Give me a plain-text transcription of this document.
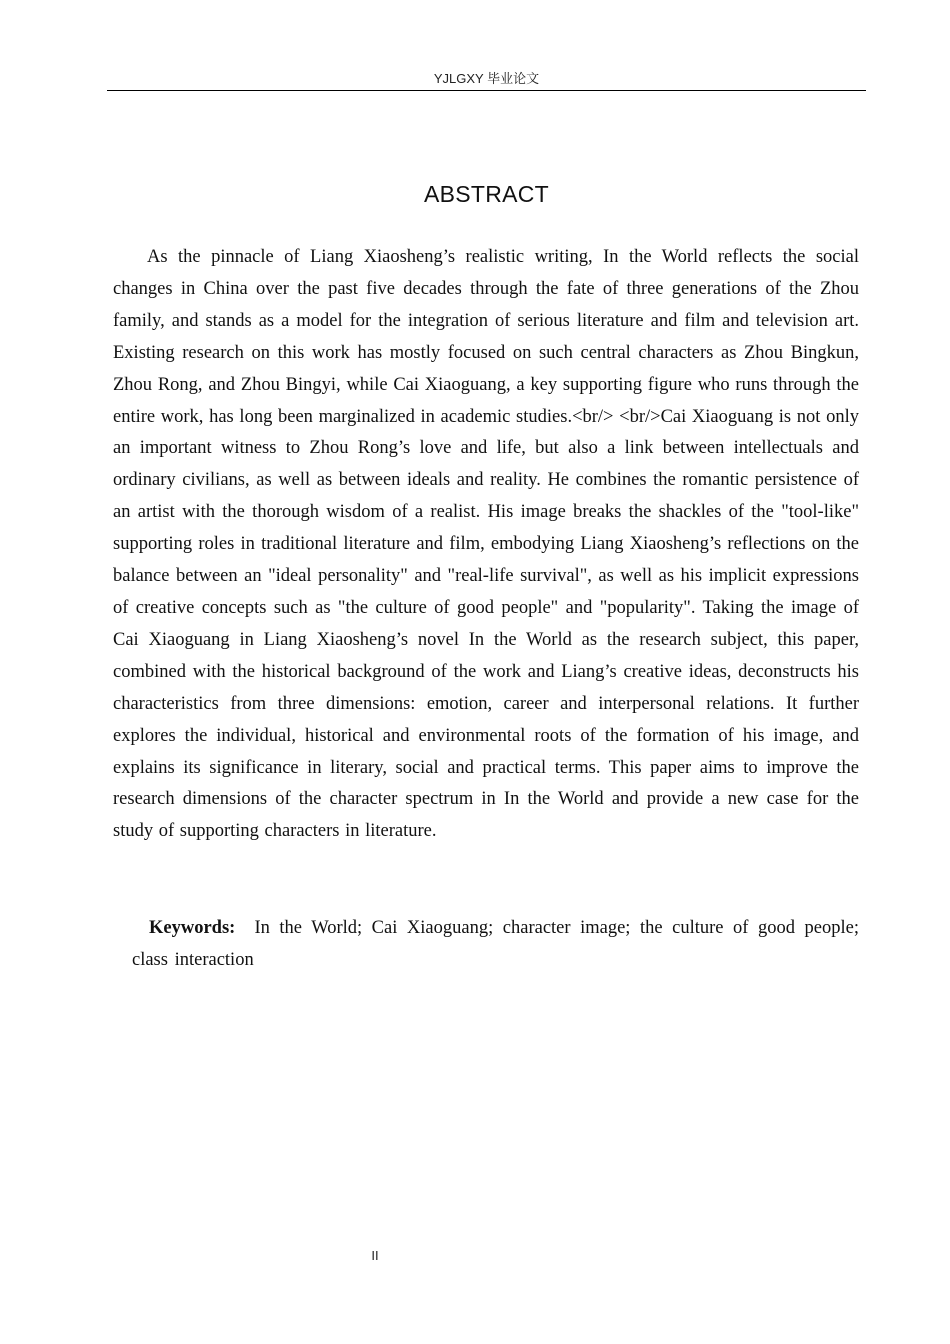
YJLGXY 毕业论文
ABSTRACT

As the pinnacle of Liang Xiaosheng’s realistic writing, In the World reflects the social changes in China over the past five decades through the fate of three generations of the Zhou family, and stands as a model for the integration of serious literature and film and television art. Existing research on this work has mostly focused on such central characters as Zhou Bingkun, Zhou Rong, and Zhou Bingyi, while Cai Xiaoguang, a key supporting figure who runs through the entire work, has long been marginalized in academic studies.<br/> <br/>Cai Xiaoguang is not only an important witness to Zhou Rong’s love and life, but also a link between intellectuals and ordinary civilians, as well as between ideals and reality. He combines the romantic persistence of an artist with the thorough wisdom of a realist. His image breaks the shackles of the "tool-like" supporting roles in traditional literature and film, embodying Liang Xiaosheng’s reflections on the balance between an "ideal personality" and "real-life survival", as well as his implicit expressions of creative concepts such as "the culture of good people" and "popularity". Taking the image of Cai Xiaoguang in Liang Xiaosheng’s novel In the World as the research subject, this paper, combined with the historical background of the work and Liang’s creative ideas, deconstructs his characteristics from three dimensions: emotion, career and interpersonal relations. It further explores the individual, historical and environmental roots of the formation of his image, and explains its significance in literary, social and practical terms. This paper aims to improve the research dimensions of the character spectrum in In the World and provide a new case for the study of supporting characters in literature.

Keywords: In the World; Cai Xiaoguang; character image; the culture of good people; class interaction

II
